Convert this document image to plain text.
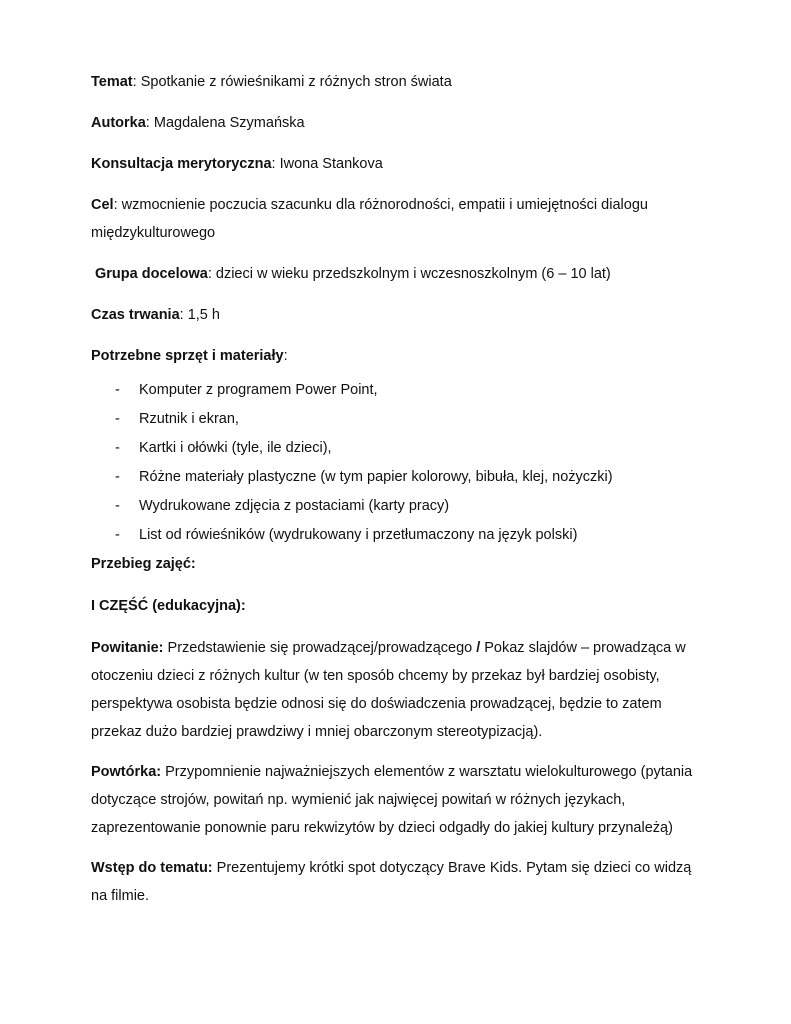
Temat: Spotkanie z rówieśnikami z różnych stron świata

Autorka: Magdalena Szymańska

Konsultacja merytoryczna: Iwona Stankova

Cel: wzmocnienie poczucia szacunku dla różnorodności, empatii i umiejętności dialogu międzykulturowego

Grupa docelowa: dzieci w wieku przedszkolnym i wczesnoszkolnym (6 – 10 lat)

Czas trwania: 1,5 h

Potrzebne sprzęt i materiały:

- Komputer z programem Power Point,
- Rzutnik i ekran,
- Kartki i ołówki (tyle, ile dzieci),
- Różne materiały plastyczne (w tym papier kolorowy, bibuła, klej, nożyczki)
- Wydrukowane zdjęcia z postaciami (karty pracy)
- List od rówieśników (wydrukowany i przetłumaczony na język polski)

Przebieg zajęć:

I CZĘŚĆ (edukacyjna):

Powitanie: Przedstawienie się prowadzącej/prowadzącego / Pokaz slajdów – prowadząca w otoczeniu dzieci z różnych kultur (w ten sposób chcemy by przekaz był bardziej osobisty, perspektywa osobista będzie odnosi się do doświadczenia prowadzącej, będzie to zatem przekaz dużo bardziej prawdziwy i mniej obarczonym stereotypizacją).

Powtórka: Przypomnienie najważniejszych elementów z warsztatu wielokulturowego (pytania dotyczące strojów, powitań np. wymienić jak najwięcej powitań w różnych językach, zaprezentowanie ponownie paru rekwizytów by dzieci odgadły do jakiej kultury przynależą)

Wstęp do tematu: Prezentujemy krótki spot dotyczący Brave Kids. Pytam się dzieci co widzą na filmie.
